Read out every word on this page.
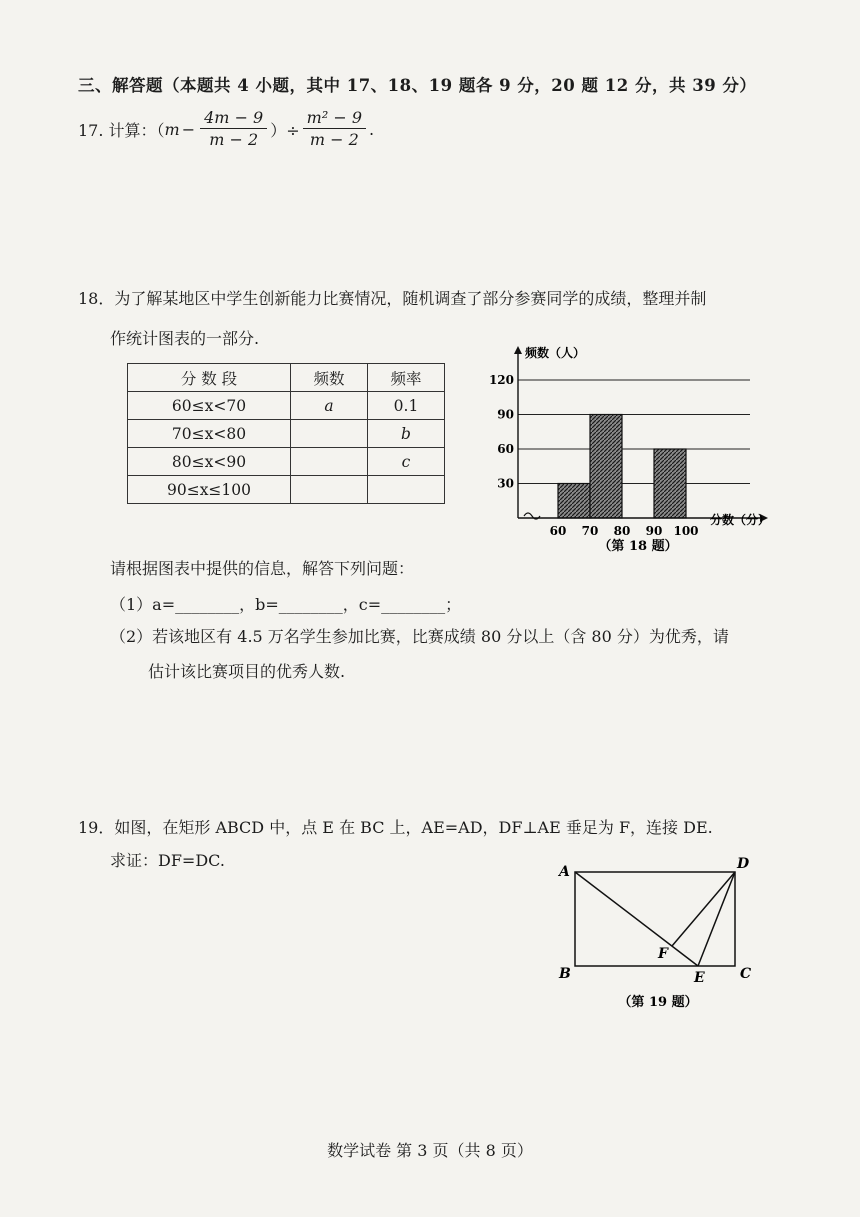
三、解答题（本题共 4 小题，其中 17、18、19 题各 9 分，20 题 12 分，共 39 分）
17. 计算：（ $m - \frac{4m - 9}{m - 2}$ ）÷ $\frac{\text{m² − 9}}{m - 2}$ .
18．为了解某地区中学生创新能力比赛情况，随机调查了部分参赛同学的成绩，整理并制
作统计图表的一部分.
分 数 段	频数	频率
60≤x<70	a	0.1
70≤x<80		b
80≤x<90		c
90≤x≤100		
频数（人）
分数（分）
30
60
90
120
60 70 80 90 100
（第 18 题）
请根据图表中提供的信息，解答下列问题：
（1）a=________，b=________，c=________；
（2）若该地区有 4.5 万名学生参加比赛，比赛成绩 80 分以上（含 80 分）为优秀，请
估计该比赛项目的优秀人数.
19．如图，在矩形 ABCD 中，点 E 在 BC 上，AE=AD，DF⊥AE 垂足为 F，连接 DE.
求证：DF=DC.
A	D
B	C
E
F
（第 19 题）
数学试卷 第 3 页（共 8 页）
